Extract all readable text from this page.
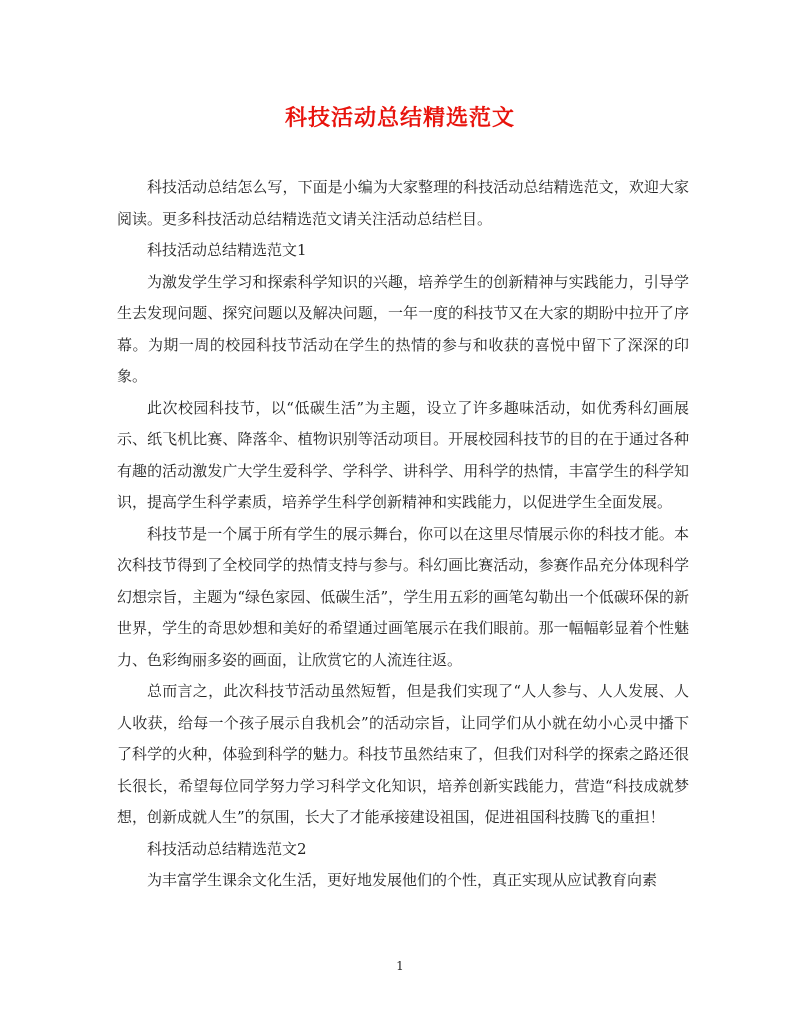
科技活动总结精选范文

科技活动总结怎么写，下面是小编为大家整理的科技活动总结精选范文，欢迎大家阅读。更多科技活动总结精选范文请关注活动总结栏目。

科技活动总结精选范文1

为激发学生学习和探索科学知识的兴趣，培养学生的创新精神与实践能力，引导学生去发现问题、探究问题以及解决问题，一年一度的科技节又在大家的期盼中拉开了序幕。为期一周的校园科技节活动在学生的热情的参与和收获的喜悦中留下了深深的印象。

此次校园科技节，以“低碳生活”为主题，设立了许多趣味活动，如优秀科幻画展示、纸飞机比赛、降落伞、植物识别等活动项目。开展校园科技节的目的在于通过各种有趣的活动激发广大学生爱科学、学科学、讲科学、用科学的热情，丰富学生的科学知识，提高学生科学素质，培养学生科学创新精神和实践能力，以促进学生全面发展。

科技节是一个属于所有学生的展示舞台，你可以在这里尽情展示你的科技才能。本次科技节得到了全校同学的热情支持与参与。科幻画比赛活动，参赛作品充分体现科学幻想宗旨，主题为“绿色家园、低碳生活”，学生用五彩的画笔勾勒出一个低碳环保的新世界，学生的奇思妙想和美好的希望通过画笔展示在我们眼前。那一幅幅彰显着个性魅力、色彩绚丽多姿的画面，让欣赏它的人流连往返。

总而言之，此次科技节活动虽然短暂，但是我们实现了“人人参与、人人发展、人人收获，给每一个孩子展示自我机会”的活动宗旨，让同学们从小就在幼小心灵中播下了科学的火种，体验到科学的魅力。科技节虽然结束了，但我们对科学的探索之路还很长很长，希望每位同学努力学习科学文化知识，培养创新实践能力，营造“科技成就梦想，创新成就人生”的氛围，长大了才能承接建设祖国，促进祖国科技腾飞的重担！

科技活动总结精选范文2

为丰富学生课余文化生活，更好地发展他们的个性，真正实现从应试教育向素

1
